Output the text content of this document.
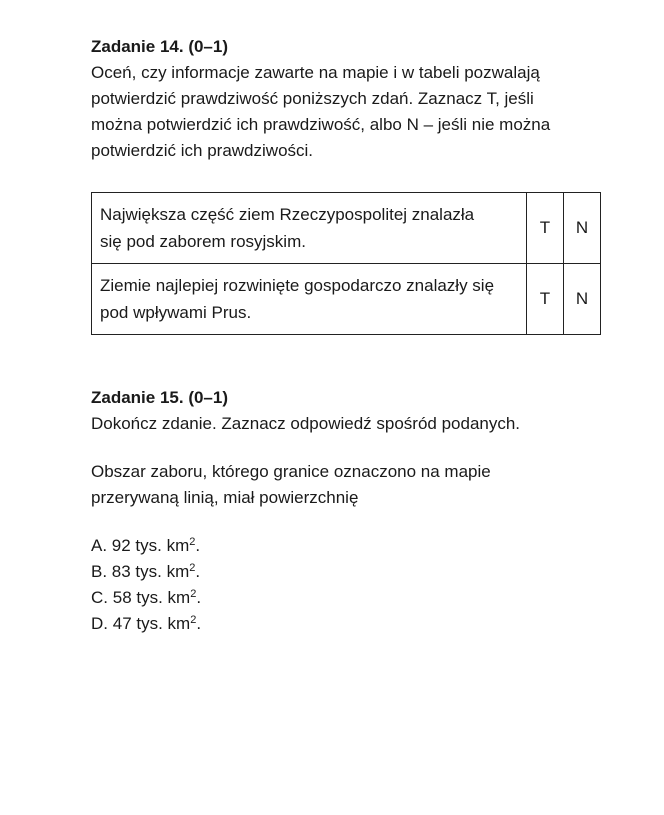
Zadanie 14. (0–1)

Oceń, czy informacje zawarte na mapie i w tabeli pozwalają
potwierdzić prawdziwość poniższych zdań. Zaznacz T, jeśli
można potwierdzić ich prawdziwość, albo N – jeśli nie można
potwierdzić ich prawdziwości.
Największa część ziem Rzeczypospolitej znalazła
się pod zaborem rosyjskim.	T	N

Ziemie najlepiej rozwinięte gospodarczo znalazły się
pod wpływami Prus.	T	N

Zadanie 15. (0–1)

Dokończ zdanie. Zaznacz odpowiedź spośród podanych.
Obszar zaboru, którego granice oznaczono na mapie
przerywaną linią, miał powierzchnię
A. 92 tys. $km^2$.
B. 83 tys. $km^2$.
C. 58 tys. $km^2$.
D. 47 tys. $km^2$.
